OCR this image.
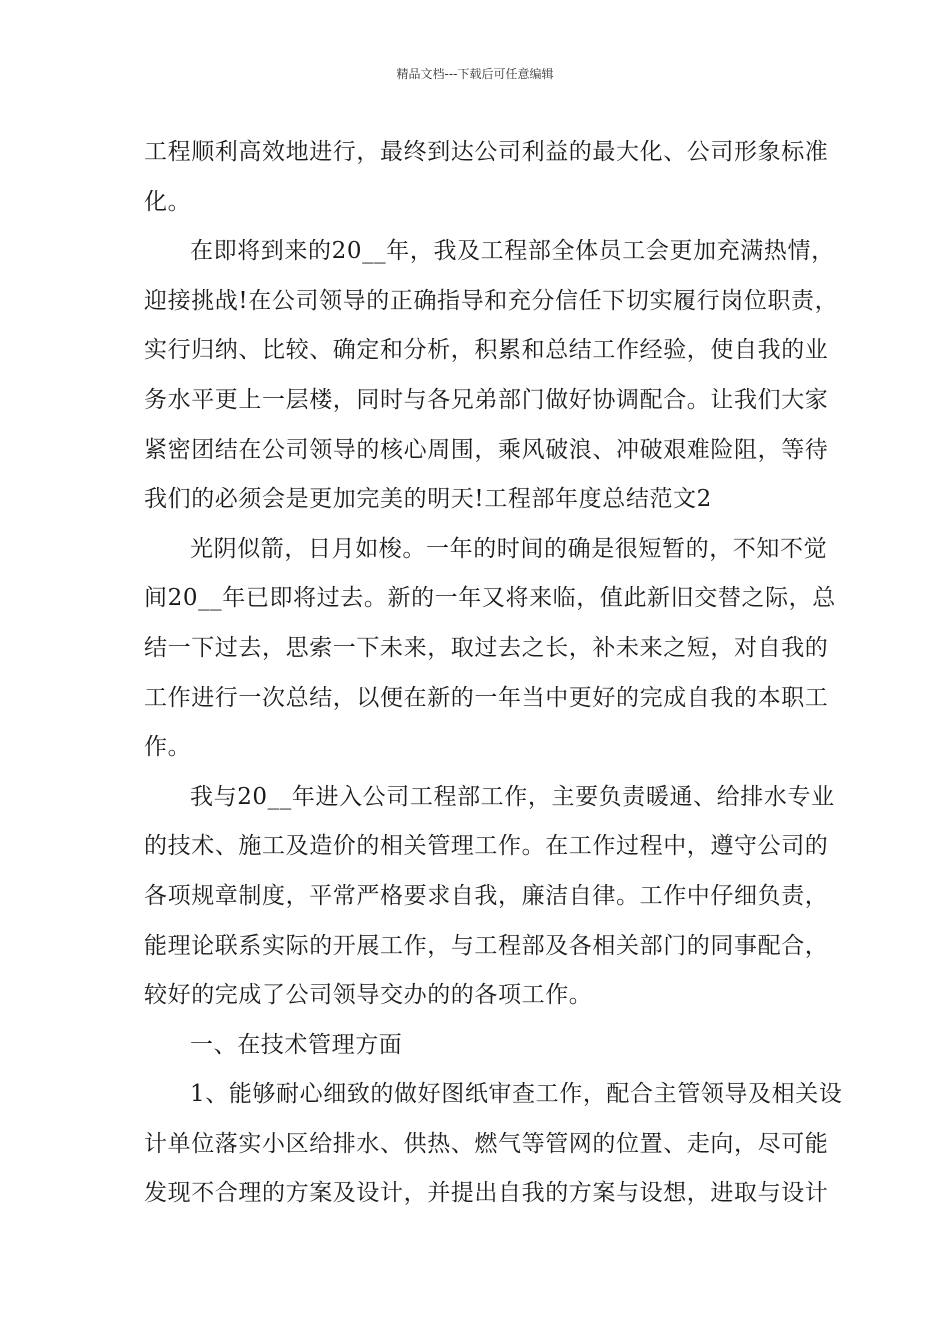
精品文档---下载后可任意编辑
工程顺利高效地进行，最终到达公司利益的最大化、公司形象标准
化。
在即将到来的20__年，我及工程部全体员工会更加充满热情，
迎接挑战!在公司领导的正确指导和充分信任下切实履行岗位职责，
实行归纳、比较、确定和分析，积累和总结工作经验，使自我的业
务水平更上一层楼，同时与各兄弟部门做好协调配合。让我们大家
紧密团结在公司领导的核心周围，乘风破浪、冲破艰难险阻，等待
我们的必须会是更加完美的明天!工程部年度总结范文2
光阴似箭，日月如梭。一年的时间的确是很短暂的，不知不觉
间20__年已即将过去。新的一年又将来临，值此新旧交替之际，总
结一下过去，思索一下未来，取过去之长，补未来之短，对自我的
工作进行一次总结，以便在新的一年当中更好的完成自我的本职工
作。
我与20__年进入公司工程部工作，主要负责暖通、给排水专业
的技术、施工及造价的相关管理工作。在工作过程中，遵守公司的
各项规章制度，平常严格要求自我，廉洁自律。工作中仔细负责，
能理论联系实际的开展工作，与工程部及各相关部门的同事配合，
较好的完成了公司领导交办的的各项工作。
一、在技术管理方面
1、能够耐心细致的做好图纸审查工作，配合主管领导及相关设
计单位落实小区给排水、供热、燃气等管网的位置、走向，尽可能
发现不合理的方案及设计，并提出自我的方案与设想，进取与设计
